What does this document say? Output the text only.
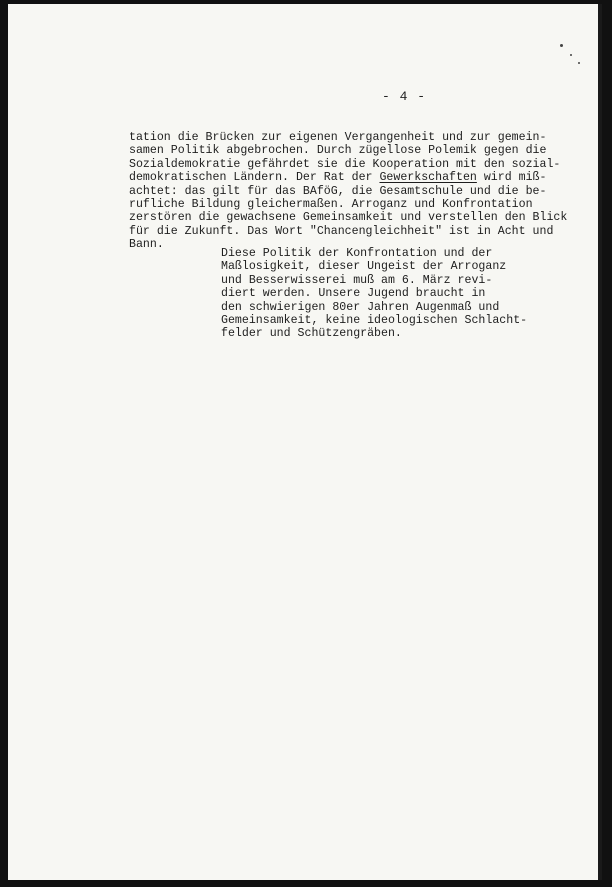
- 4 -

tation die Brücken zur eigenen Vergangenheit und zur gemein-
samen Politik abgebrochen. Durch zügellose Polemik gegen die
Sozialdemokratie gefährdet sie die Kooperation mit den sozial-
demokratischen Ländern. Der Rat der Gewerkschaften wird miß-
achtet: das gilt für das BAföG, die Gesamtschule und die be-
rufliche Bildung gleichermaßen. Arroganz und Konfrontation
zerstören die gewachsene Gemeinsamkeit und verstellen den Blick
für die Zukunft. Das Wort "Chancengleichheit" ist in Acht und
Bann.

Diese Politik der Konfrontation und der
Maßlosigkeit, dieser Ungeist der Arroganz
und Besserwisserei muß am 6. März revi-
diert werden. Unsere Jugend braucht in
den schwierigen 80er Jahren Augenmaß und
Gemeinsamkeit, keine ideologischen Schlacht-
felder und Schützengräben.
